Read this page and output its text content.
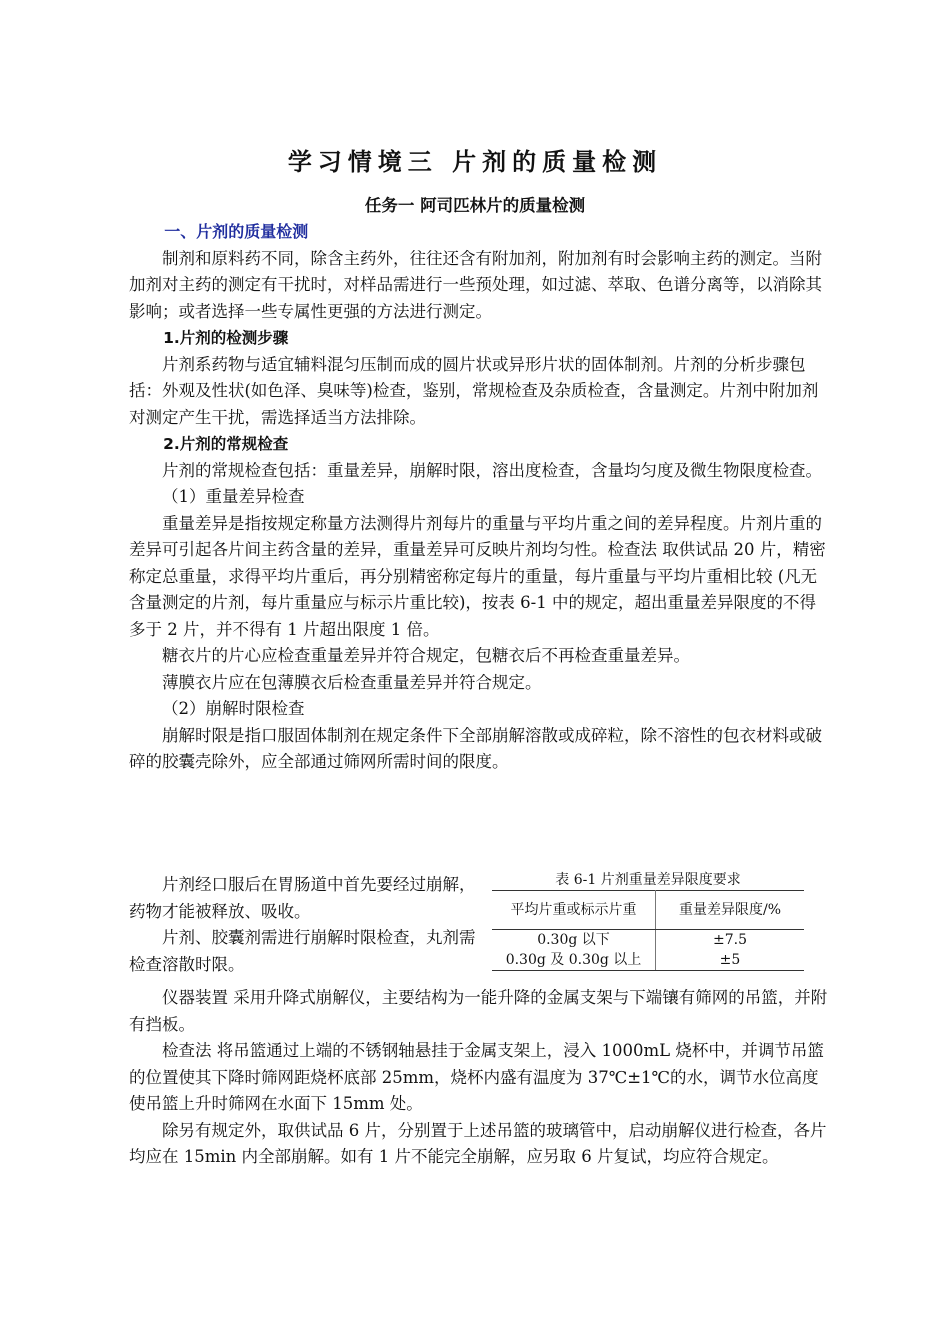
学习情境三 片剂的质量检测
任务一 阿司匹林片的质量检测

一、片剂的质量检测

制剂和原料药不同，除含主药外，往往还含有附加剂，附加剂有时会影响主药的测定。当附加剂对主药的测定有干扰时，对样品需进行一些预处理，如过滤、萃取、色谱分离等，以消除其影响；或者选择一些专属性更强的方法进行测定。

1.片剂的检测步骤

片剂系药物与适宜辅料混匀压制而成的圆片状或异形片状的固体制剂。片剂的分析步骤包括：外观及性状(如色泽、臭味等)检查，鉴别，常规检查及杂质检查，含量测定。片剂中附加剂对测定产生干扰，需选择适当方法排除。

2.片剂的常规检查

片剂的常规检查包括：重量差异，崩解时限，溶出度检查，含量均匀度及微生物限度检查。

（1）重量差异检查

重量差异是指按规定称量方法测得片剂每片的重量与平均片重之间的差异程度。片剂片重的差异可引起各片间主药含量的差异，重量差异可反映片剂均匀性。检查法 取供试品 20 片，精密称定总重量，求得平均片重后，再分别精密称定每片的重量，每片重量与平均片重相比较 (凡无含量测定的片剂，每片重量应与标示片重比较)，按表 6-1 中的规定，超出重量差异限度的不得多于 2 片，并不得有 1 片超出限度 1 倍。

糖衣片的片心应检查重量差异并符合规定，包糖衣后不再检查重量差异。

薄膜衣片应在包薄膜衣后检查重量差异并符合规定。

（2）崩解时限检查

崩解时限是指口服固体制剂在规定条件下全部崩解溶散或成碎粒，除不溶性的包衣材料或破碎的胶囊壳除外，应全部通过筛网所需时间的限度。

片剂经口服后在胃肠道中首先要经过崩解，药物才能被释放、吸收。

片剂、胶囊剂需进行崩解时限检查，丸剂需检查溶散时限。

表 6-1 片剂重量差异限度要求
平均片重或标示片重	重量差异限度/%
0.30g 以下	±7.5
0.30g 及 0.30g 以上	±5

仪器装置 采用升降式崩解仪，主要结构为一能升降的金属支架与下端镶有筛网的吊篮，并附有挡板。

检查法 将吊篮通过上端的不锈钢轴悬挂于金属支架上，浸入 1000mL 烧杯中，并调节吊篮的位置使其下降时筛网距烧杯底部 25mm，烧杯内盛有温度为 37℃±1℃的水，调节水位高度使吊篮上升时筛网在水面下 15mm 处。

除另有规定外，取供试品 6 片，分别置于上述吊篮的玻璃管中，启动崩解仪进行检查，各片均应在 15min 内全部崩解。如有 1 片不能完全崩解，应另取 6 片复试，均应符合规定。
